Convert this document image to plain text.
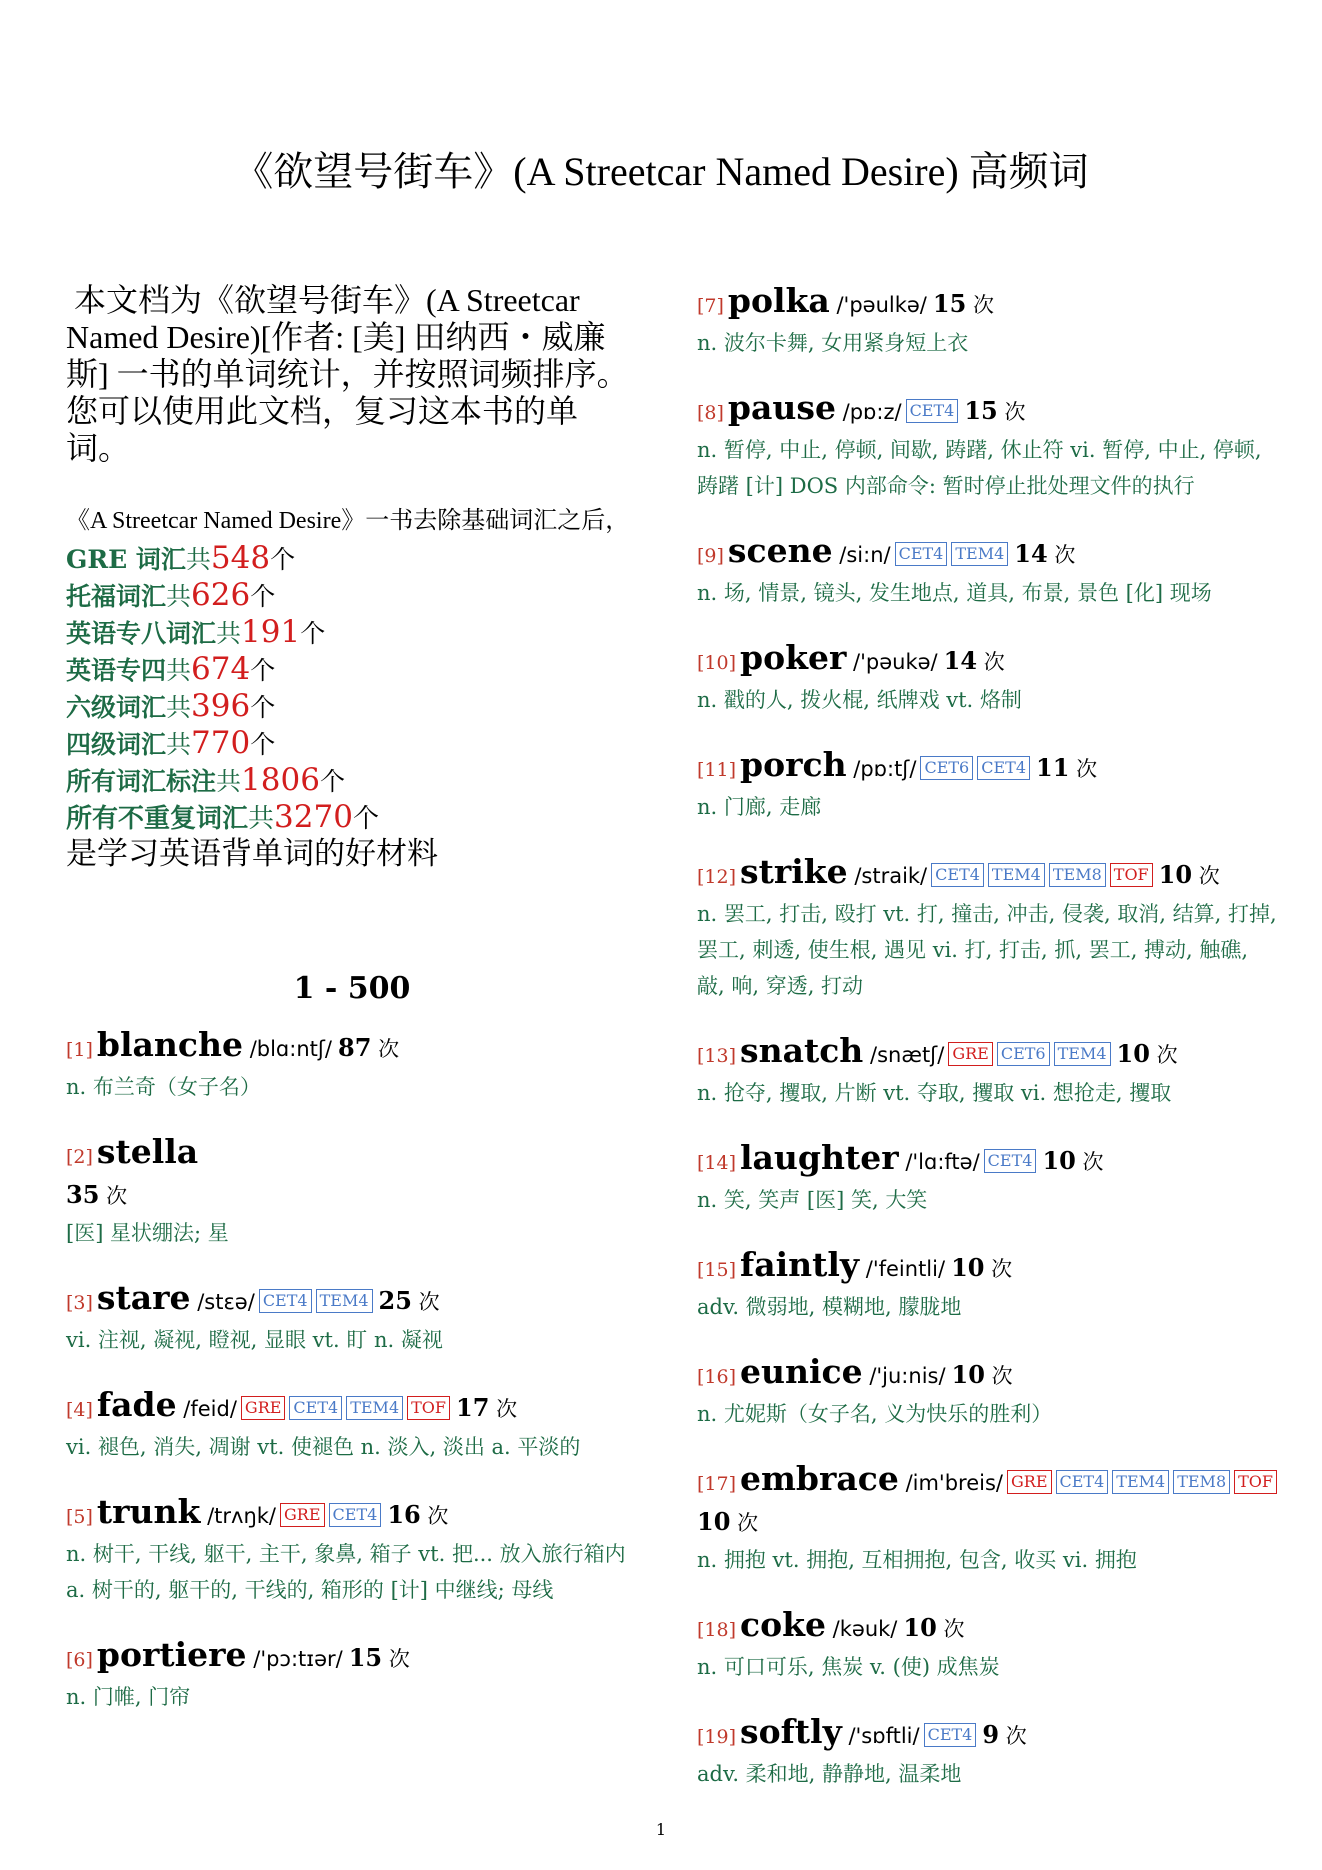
《欲望号街车》(A Streetcar Named Desire) 高频词
本文档为《欲望号街车》(A Streetcar Named Desire)[作者: [美] 田纳西・威廉斯] 一书的单词统计，并按照词频排序。
您可以使用此文档，复习这本书的单词。
《A Streetcar Named Desire》一书去除基础词汇之后，
GRE 词汇共548个
托福词汇共626个
英语专八词汇共191个
英语专四共674个
六级词汇共396个
四级词汇共770个
所有词汇标注共1806个
所有不重复词汇共3270个
是学习英语背单词的好材料
1 - 500
[1] blanche /blɑ:ntʃ/ 87 次
n. 布兰奇（女子名）
[2] stella
35 次
[医] 星状绷法; 星
[3] stare /stεə/ CET4 TEM4 25 次
vi. 注视, 凝视, 瞪视, 显眼 vt. 盯 n. 凝视
[4] fade /feid/ GRE CET4 TEM4 TOF 17 次
vi. 褪色, 消失, 凋谢 vt. 使褪色 n. 淡入, 淡出 a. 平淡的
[5] trunk /trʌŋk/ GRE CET4 16 次
n. 树干, 干线, 躯干, 主干, 象鼻, 箱子 vt. 把... 放入旅行箱内 a. 树干的, 躯干的, 干线的, 箱形的 [计] 中继线; 母线
[6] portiere /'pɔ:tɪər/ 15 次
n. 门帷, 门帘
[7] polka /'pəulkə/ 15 次
n. 波尔卡舞, 女用紧身短上衣
[8] pause /pɒ:z/ CET4 15 次
n. 暂停, 中止, 停顿, 间歇, 踌躇, 休止符 vi. 暂停, 中止, 停顿, 踌躇 [计] DOS 内部命令: 暂时停止批处理文件的执行
[9] scene /si:n/ CET4 TEM4 14 次
n. 场, 情景, 镜头, 发生地点, 道具, 布景, 景色 [化] 现场
[10] poker /'pəukə/ 14 次
n. 戳的人, 拨火棍, 纸牌戏 vt. 烙制
[11] porch /pɒ:tʃ/ CET6 CET4 11 次
n. 门廊, 走廊
[12] strike /straik/ CET4 TEM4 TEM8 TOF 10 次
n. 罢工, 打击, 殴打 vt. 打, 撞击, 冲击, 侵袭, 取消, 结算, 打掉, 罢工, 刺透, 使生根, 遇见 vi. 打, 打击, 抓, 罢工, 搏动, 触礁, 敲, 响, 穿透, 打动
[13] snatch /snætʃ/ GRE CET6 TEM4 10 次
n. 抢夺, 攫取, 片断 vt. 夺取, 攫取 vi. 想抢走, 攫取
[14] laughter /'lɑ:ftə/ CET4 10 次
n. 笑, 笑声 [医] 笑, 大笑
[15] faintly /'feintli/ 10 次
adv. 微弱地, 模糊地, 朦胧地
[16] eunice /'ju:nis/ 10 次
n. 尤妮斯（女子名, 义为快乐的胜利）
[17] embrace /im'breis/ GRE CET4 TEM4 TEM8 TOF
10 次
n. 拥抱 vt. 拥抱, 互相拥抱, 包含, 收买 vi. 拥抱
[18] coke /kəuk/ 10 次
n. 可口可乐, 焦炭 v. (使) 成焦炭
[19] softly /'sɒftli/ CET4 9 次
adv. 柔和地, 静静地, 温柔地
1
